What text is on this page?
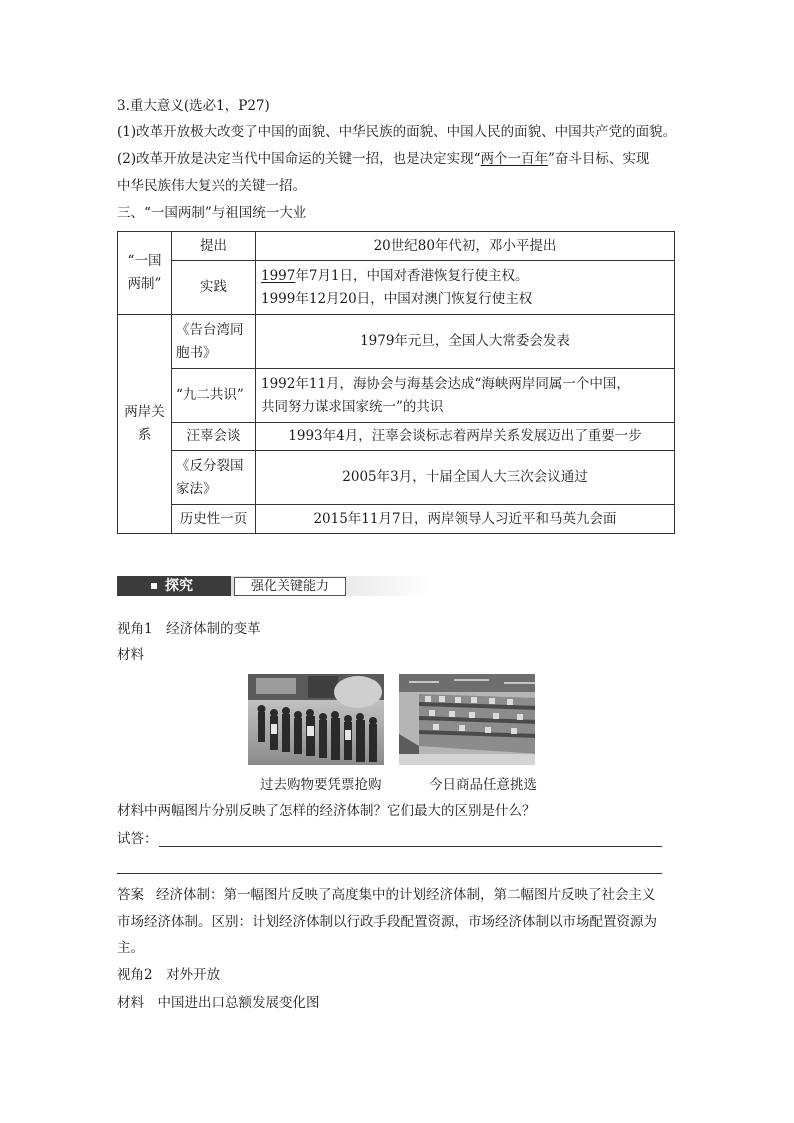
3.重大意义(选必1，P27)
(1)改革开放极大改变了中国的面貌、中华民族的面貌、中国人民的面貌、中国共产党的面貌。
(2)改革开放是决定当代中国命运的关键一招，也是决定实现“两个一百年”奋斗目标、实现
中华民族伟大复兴的关键一招。
三、“一国两制”与祖国统一大业
“一国两制”	提出	20世纪80年代初，邓小平提出
	实践	1997年7月1日，中国对香港恢复行使主权。
1999年12月20日，中国对澳门恢复行使主权

两岸关系	《告台湾同胞书》	1979年元旦，全国人大常委会发表
	“九二共识”	1992年11月，海协会与海基会达成“海峡两岸同属一个中国，
共同努力谋求国家统一”的共识

	汪辜会谈	1993年4月，汪辜会谈标志着两岸关系发展迈出了重要一步
	《反分裂国家法》	2005年3月，十届全国人大三次会议通过
	历史性一页	2015年11月7日，两岸领导人习近平和马英九会面
探究	强化关键能力
视角1　经济体制的变革
材料
过去购物要凭票抢购	今日商品任意挑选
材料中两幅图片分别反映了怎样的经济体制？它们最大的区别是什么？
试答：
答案 经济体制：第一幅图片反映了高度集中的计划经济体制，第二幅图片反映了社会主义
市场经济体制。区别：计划经济体制以行政手段配置资源，市场经济体制以市场配置资源为
主。
视角2　对外开放
材料　中国进出口总额发展变化图
